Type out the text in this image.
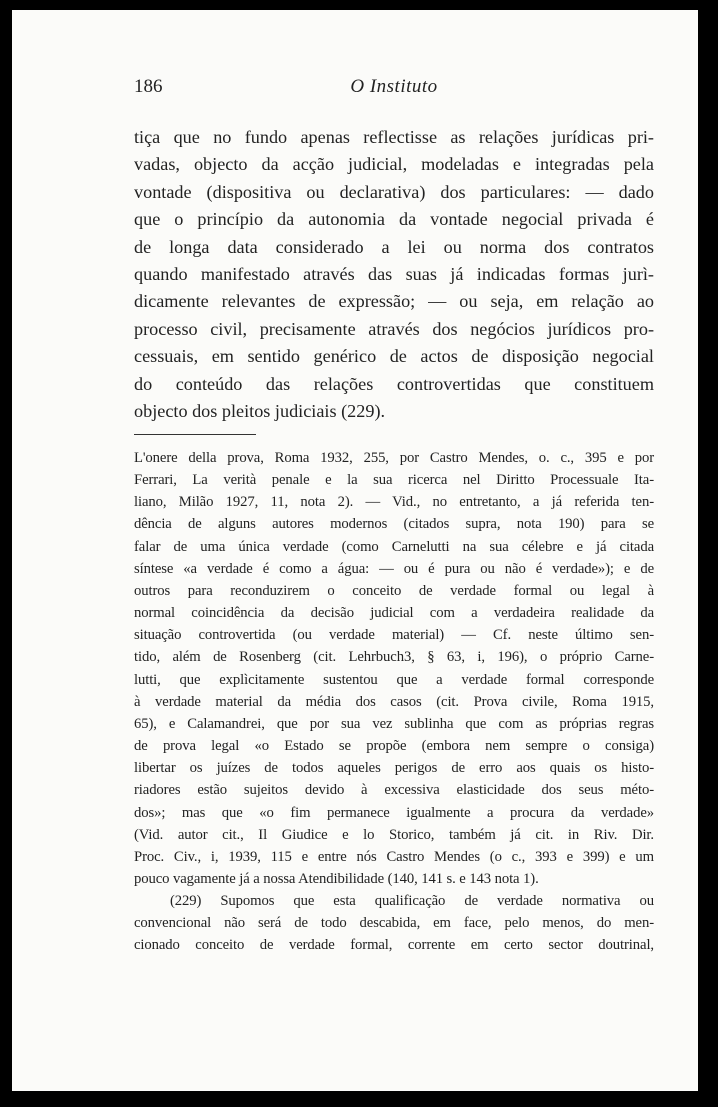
186	O Instituto
tiça que no fundo apenas reflectisse as relações jurídicas pri-
vadas, objecto da acção judicial, modeladas e integradas pela
vontade (dispositiva ou declarativa) dos particulares: — dado
que o princípio da autonomia da vontade negocial privada é
de longa data considerado a lei ou norma dos contratos
quando manifestado através das suas já indicadas formas jurì-
dicamente relevantes de expressão; — ou seja, em relação ao
processo civil, precisamente através dos negócios jurídicos pro-
cessuais, em sentido genérico de actos de disposição negocial
do conteúdo das relações controvertidas que constituem
objecto dos pleitos judiciais (229).
L'onere della prova, Roma 1932, 255, por Castro Mendes, o. c., 395 e por
Ferrari, La verità penale e la sua ricerca nel Diritto Processuale Ita-
liano, Milão 1927, 11, nota 2). — Vid., no entretanto, a já referida ten-
dência de alguns autores modernos (citados supra, nota 190) para se
falar de uma única verdade (como Carnelutti na sua célebre e já citada
síntese «a verdade é como a água: — ou é pura ou não é verdade»); e de
outros para reconduzirem o conceito de verdade formal ou legal à
normal coincidência da decisão judicial com a verdadeira realidade da
situação controvertida (ou verdade material) — Cf. neste último sen-
tido, além de Rosenberg (cit. Lehrbuch3, § 63, i, 196), o próprio Carne-
lutti, que explìcitamente sustentou que a verdade formal corresponde
à verdade material da média dos casos (cit. Prova civile, Roma 1915,
65), e Calamandrei, que por sua vez sublinha que com as próprias regras
de prova legal «o Estado se propõe (embora nem sempre o consiga)
libertar os juízes de todos aqueles perigos de erro aos quais os histo-
riadores estão sujeitos devido à excessiva elasticidade dos seus méto-
dos»; mas que «o fim permanece igualmente a procura da verdade»
(Vid. autor cit., Il Giudice e lo Storico, também já cit. in Riv. Dir.
Proc. Civ., i, 1939, 115 e entre nós Castro Mendes (o c., 393 e 399) e um
pouco vagamente já a nossa Atendibilidade (140, 141 s. e 143 nota 1).
(229) Supomos que esta qualificação de verdade normativa ou
convencional não será de todo descabida, em face, pelo menos, do men-
cionado conceito de verdade formal, corrente em certo sector doutrinal,
